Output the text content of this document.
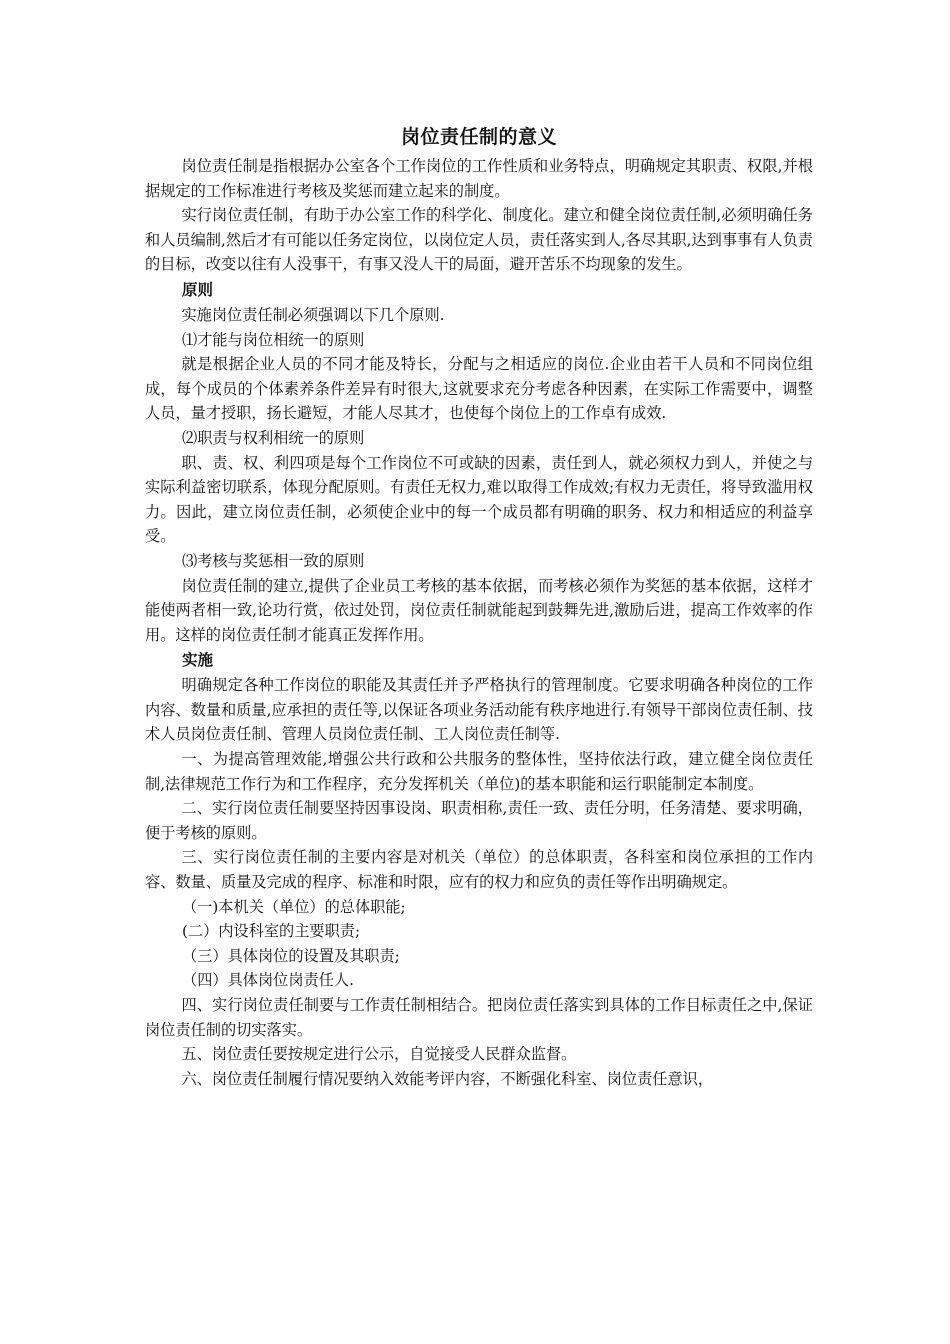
岗位责任制的意义

岗位责任制是指根据办公室各个工作岗位的工作性质和业务特点，明确规定其职责、权限,并根据规定的工作标准进行考核及奖惩而建立起来的制度。

实行岗位责任制，有助于办公室工作的科学化、制度化。建立和健全岗位责任制,必须明确任务和人员编制,然后才有可能以任务定岗位，以岗位定人员，责任落实到人,各尽其职,达到事事有人负责的目标，改变以往有人没事干，有事又没人干的局面，避开苦乐不均现象的发生。

原则

实施岗位责任制必须强调以下几个原则.

⑴才能与岗位相统一的原则

就是根据企业人员的不同才能及特长，分配与之相适应的岗位.企业由若干人员和不同岗位组成，每个成员的个体素养条件差异有时很大,这就要求充分考虑各种因素，在实际工作需要中，调整人员，量才授职，扬长避短，才能人尽其才，也使每个岗位上的工作卓有成效.

⑵职责与权利相统一的原则

职、责、权、利四项是每个工作岗位不可或缺的因素，责任到人，就必须权力到人，并使之与实际利益密切联系，体现分配原则。有责任无权力,难以取得工作成效;有权力无责任，将导致滥用权力。因此，建立岗位责任制，必须使企业中的每一个成员都有明确的职务、权力和相适应的利益享受。

⑶考核与奖惩相一致的原则

岗位责任制的建立,提供了企业员工考核的基本依据，而考核必须作为奖惩的基本依据，这样才能使两者相一致,论功行赏，依过处罚，岗位责任制就能起到鼓舞先进,激励后进，提高工作效率的作用。这样的岗位责任制才能真正发挥作用。

实施

明确规定各种工作岗位的职能及其责任并予严格执行的管理制度。它要求明确各种岗位的工作内容、数量和质量,应承担的责任等,以保证各项业务活动能有秩序地进行.有领导干部岗位责任制、技术人员岗位责任制、管理人员岗位责任制、工人岗位责任制等.

一、为提高管理效能,增强公共行政和公共服务的整体性，坚持依法行政，建立健全岗位责任制,法律规范工作行为和工作程序，充分发挥机关（单位)的基本职能和运行职能制定本制度。

二、实行岗位责任制要坚持因事设岗、职责相称,责任一致、责任分明，任务清楚、要求明确，便于考核的原则。

三、实行岗位责任制的主要内容是对机关（单位）的总体职责，各科室和岗位承担的工作内容、数量、质量及完成的程序、标准和时限，应有的权力和应负的责任等作出明确规定。

（一)本机关（单位）的总体职能;

(二）内设科室的主要职责;

（三）具体岗位的设置及其职责;

（四）具体岗位岗责任人.

四、实行岗位责任制要与工作责任制相结合。把岗位责任落实到具体的工作目标责任之中,保证岗位责任制的切实落实。

五、岗位责任要按规定进行公示，自觉接受人民群众监督。

六、岗位责任制履行情况要纳入效能考评内容，不断强化科室、岗位责任意识，
